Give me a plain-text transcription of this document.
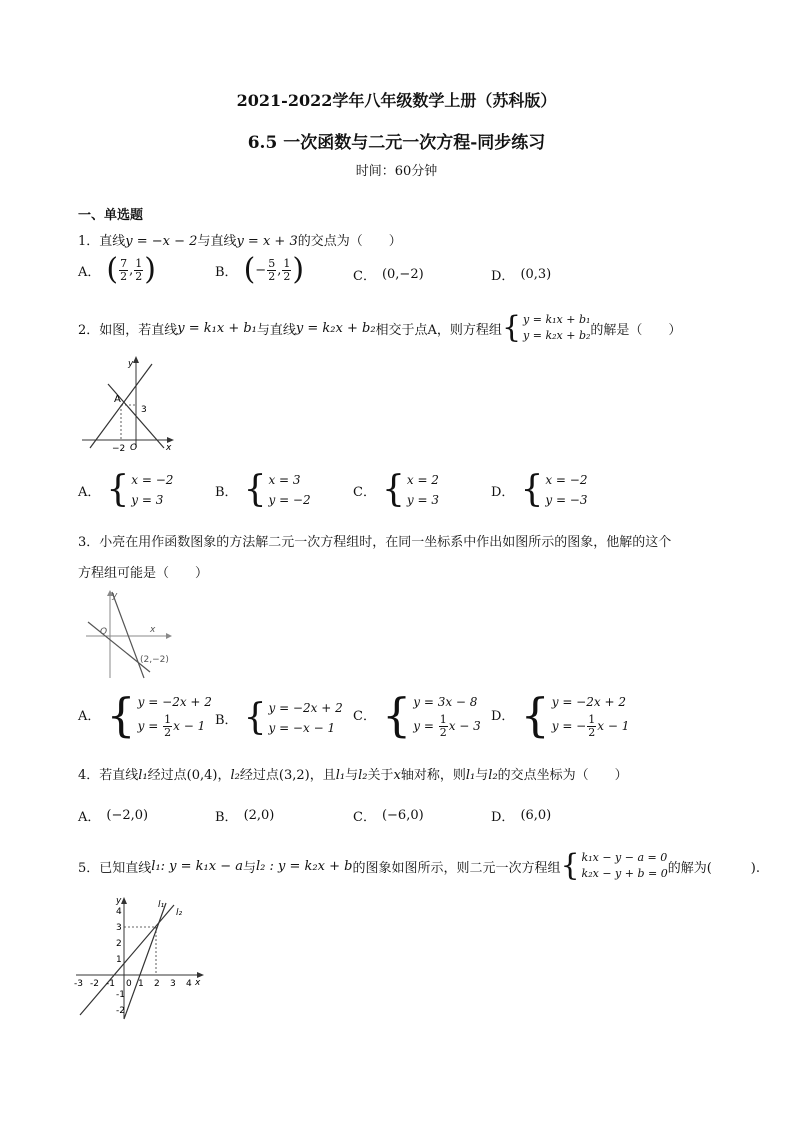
2021-2022学年八年级数学上册（苏科版）
6.5 一次函数与二元一次方程-同步练习
时间：60分钟
一、单选题
1．直线y = −x − 2与直线y = x + 3的交点为（　　）
A． ( $\frac{7}{2}$ , $\frac{1}{2}$ )	B． ( − $\frac{5}{2}$ , $\frac{1}{2}$ )	C． (0,−2)	D． (0,3)
2．如图，若直线 y = k₁x + b₁ 与直线 y = k₂x + b₂ 相交于点A，则方程组 { y = k₁x + b₁
y = k₂x + b₂ 的解是（　　）
A
3
−2 O	x
y
A． { x = −2
y = 3
B． { x = 3
y = −2
C． { x = 2
y = 3
D． { x = −2
y = −3
3．小亮在用作函数图象的方法解二元一次方程组时，在同一坐标系中作出如图所示的图象，他解的这个
方程组可能是（　　）
y
O	x
(2,−2)
A． { y = −2x + 2
$y = \frac{1}{2}$ x − 1 B． { y = −2x + 2
y = −x − 1
C． { y = 3x − 8
$y = \frac{1}{2}$ x − 3
D． { y = −2x + 2
y = − $\frac{1}{2}$ x − 1
4．若直线l₁经过点(0,4)，l₂经过点(3,2)，且l₁与l₂关于x轴对称，则l₁与l₂的交点坐标为（　　）
A． (−2,0)	B． (2,0)	C． (−6,0)	D． (6,0)
5．已知直线 l₁: y = k₁x − a 与 l₂ : y = k₂x + b 的图象如图所示，则二元一次方程组 { k₁x − y − a = 0
k₂x − y + b = 0 的解为(　　　).
y	l₁
l₂
4
3
2
1
-1
-2
-3 -2 -1 0 1 2 3 4 x
